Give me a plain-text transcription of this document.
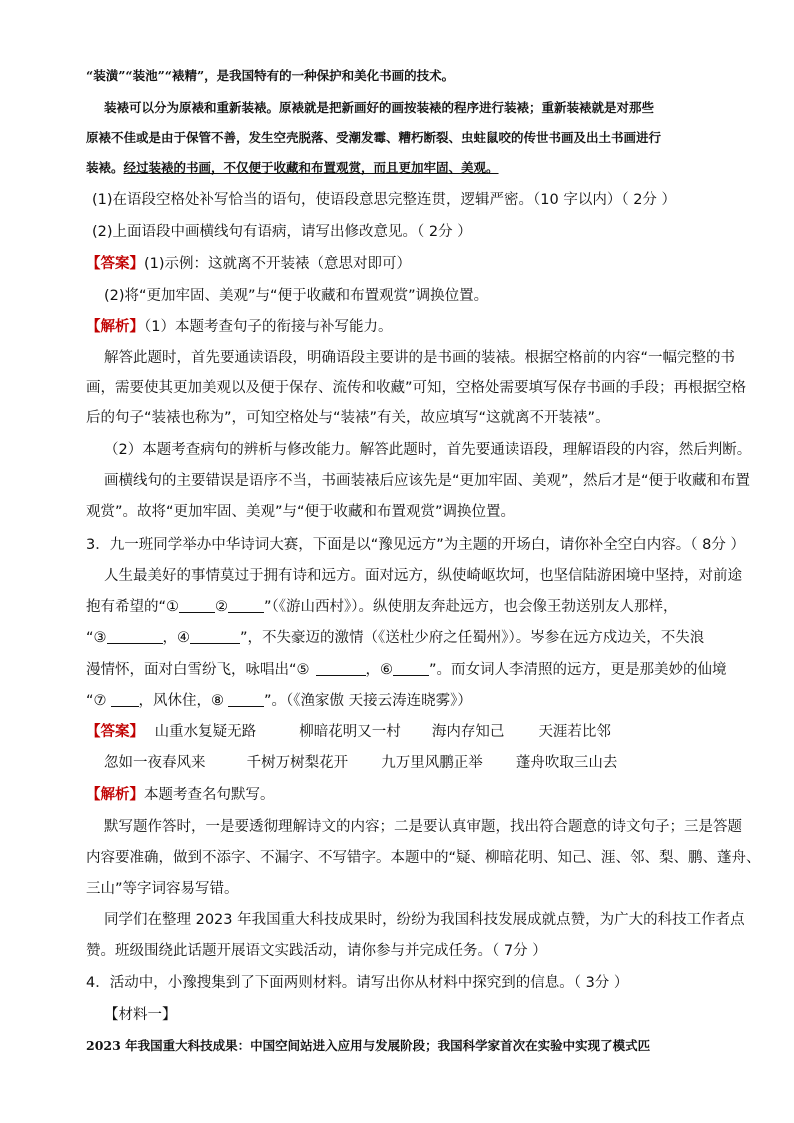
“装潢”“装池”“裱精”，是我国特有的一种保护和美化书画的技术。
装裱可以分为原裱和重新装裱。原裱就是把新画好的画按装裱的程序进行装裱；重新装裱就是对那些
原裱不佳或是由于保管不善，发生空壳脱落、受潮发霉、糟朽断裂、虫蛀鼠咬的传世书画及出土书画进行
装裱。经过装裱的书画，不仅便于收藏和布置观赏，而且更加牢固、美观。
(1)在语段空格处补写恰当的语句，使语段意思完整连贯，逻辑严密。（10 字以内）（ 2分 ）
(2)上面语段中画横线句有语病，请写出修改意见。（ 2分 ）
【答案】(1)示例：这就离不开装裱（意思对即可）
(2)将“更加牢固、美观”与“便于收藏和布置观赏”调换位置。
【解析】（1）本题考查句子的衔接与补写能力。
解答此题时，首先要通读语段，明确语段主要讲的是书画的装裱。根据空格前的内容“一幅完整的书
画，需要使其更加美观以及便于保存、流传和收藏”可知，空格处需要填写保存书画的手段；再根据空格
后的句子“装裱也称为”，可知空格处与“装裱”有关，故应填写“这就离不开装裱”。
（2）本题考查病句的辨析与修改能力。解答此题时，首先要通读语段，理解语段的内容，然后判断。
画横线句的主要错误是语序不当，书画装裱后应该先是“更加牢固、美观”，然后才是“便于收藏和布置
观赏”。故将“更加牢固、美观”与“便于收藏和布置观赏”调换位置。
3．九一班同学举办中华诗词大赛，下面是以“豫见远方”为主题的开场白，请你补全空白内容。（ 8分 ）
人生最美好的事情莫过于拥有诗和远方。面对远方，纵使崎岖坎坷，也坚信陆游困境中坚持，对前途
抱有希望的“① ② ”（《游山西村》）。纵使朋友奔赴远方，也会像王勃送别友人那样，
“③	，④	”，不失豪迈的激情（《送杜少府之任蜀州》）。岑参在远方戍边关，不失浪
漫情怀，面对白雪纷飞，咏唱出“⑤	，⑥ ”。而女词人李清照的远方，更是那美妙的仙境
“⑦ ，风休住，⑧	”。（《渔家傲 天接云涛连晓雾》）
【答案】 山重水复疑无路	柳暗花明又一村 海内存知己 天涯若比邻
忽如一夜春风来	千树万树梨花开 九万里风鹏正举 蓬舟吹取三山去
【解析】本题考查名句默写。
默写题作答时，一是要透彻理解诗文的内容；二是要认真审题，找出符合题意的诗文句子；三是答题
内容要准确，做到不添字、不漏字、不写错字。本题中的“疑、柳暗花明、知己、涯、邻、梨、鹏、蓬舟、
三山”等字词容易写错。
同学们在整理 2023 年我国重大科技成果时，纷纷为我国科技发展成就点赞，为广大的科技工作者点
赞。班级围绕此话题开展语文实践活动，请你参与并完成任务。（ 7分 ）
4．活动中，小豫搜集到了下面两则材料。请写出你从材料中探究到的信息。（ 3分 ）
【材料一】
2023 年我国重大科技成果：中国空间站进入应用与发展阶段；我国科学家首次在实验中实现了模式匹
